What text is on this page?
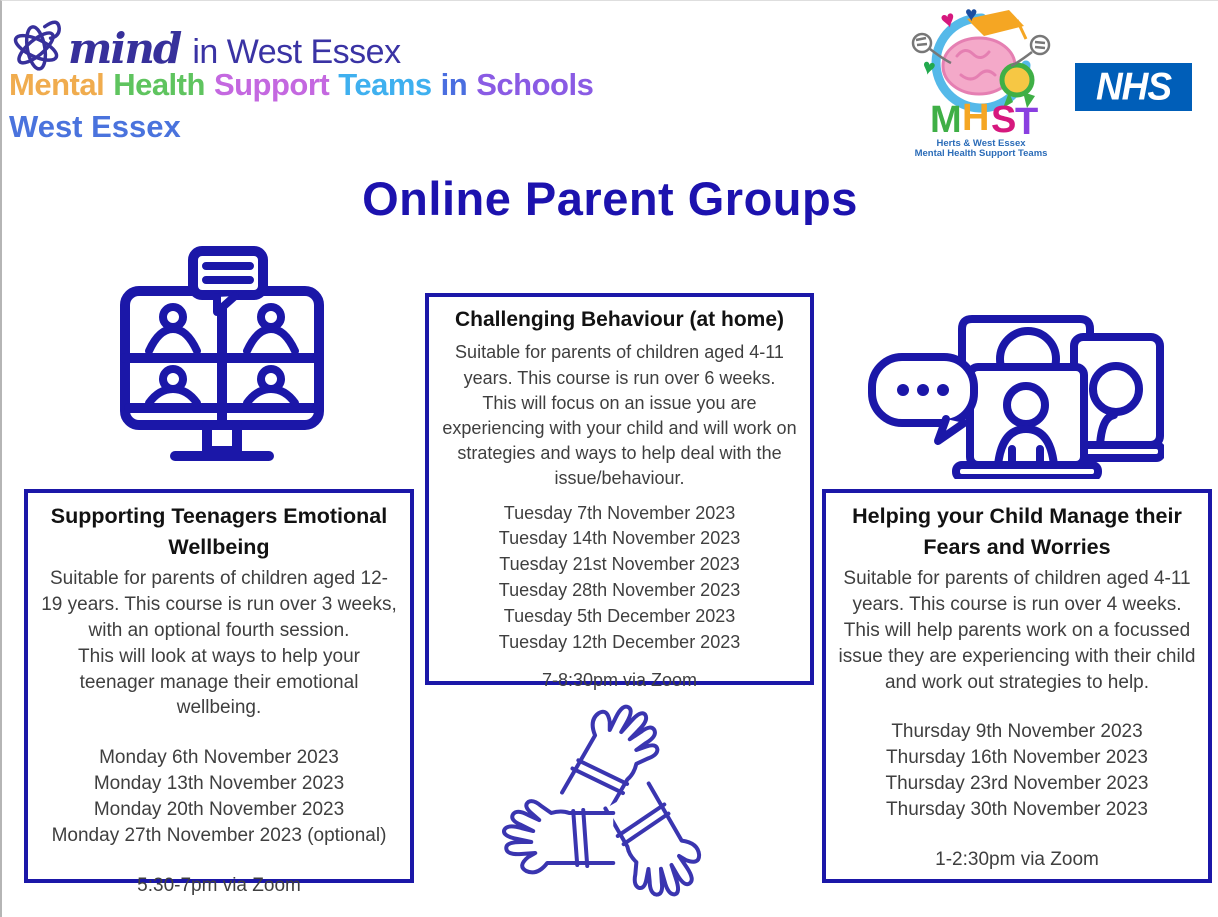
mind in West Essex
Mental Health Support Teams in Schools
West Essex
♥ ♥
♥
M H S
T
Herts & West Essex
Mental Health Support Teams
NHS
Online Parent Groups
Supporting Teenagers Emotional Wellbeing

Suitable for parents of children aged 12-19 years. This course is run over 3 weeks, with an optional fourth session.

This will look at ways to help your teenager manage their emotional wellbeing.

Monday 6th November 2023
Monday 13th November 2023
Monday 20th November 2023
Monday 27th November 2023 (optional)
5:30-7pm via Zoom
Challenging Behaviour (at home)

Suitable for parents of children aged 4-11 years. This course is run over 6 weeks.

This will focus on an issue you are experiencing with your child and will work on strategies and ways to help deal with the issue/behaviour.

Tuesday 7th November 2023
Tuesday 14th November 2023
Tuesday 21st November 2023
Tuesday 28th November 2023
Tuesday 5th December 2023
Tuesday 12th December 2023
7-8:30pm via Zoom
Helping your Child Manage their Fears and Worries

Suitable for parents of children aged 4-11 years. This course is run over 4 weeks.

This will help parents work on a focussed issue they are experiencing with their child and work out strategies to help.

Thursday 9th November 2023
Thursday 16th November 2023
Thursday 23rd November 2023
Thursday 30th November 2023
1-2:30pm via Zoom
